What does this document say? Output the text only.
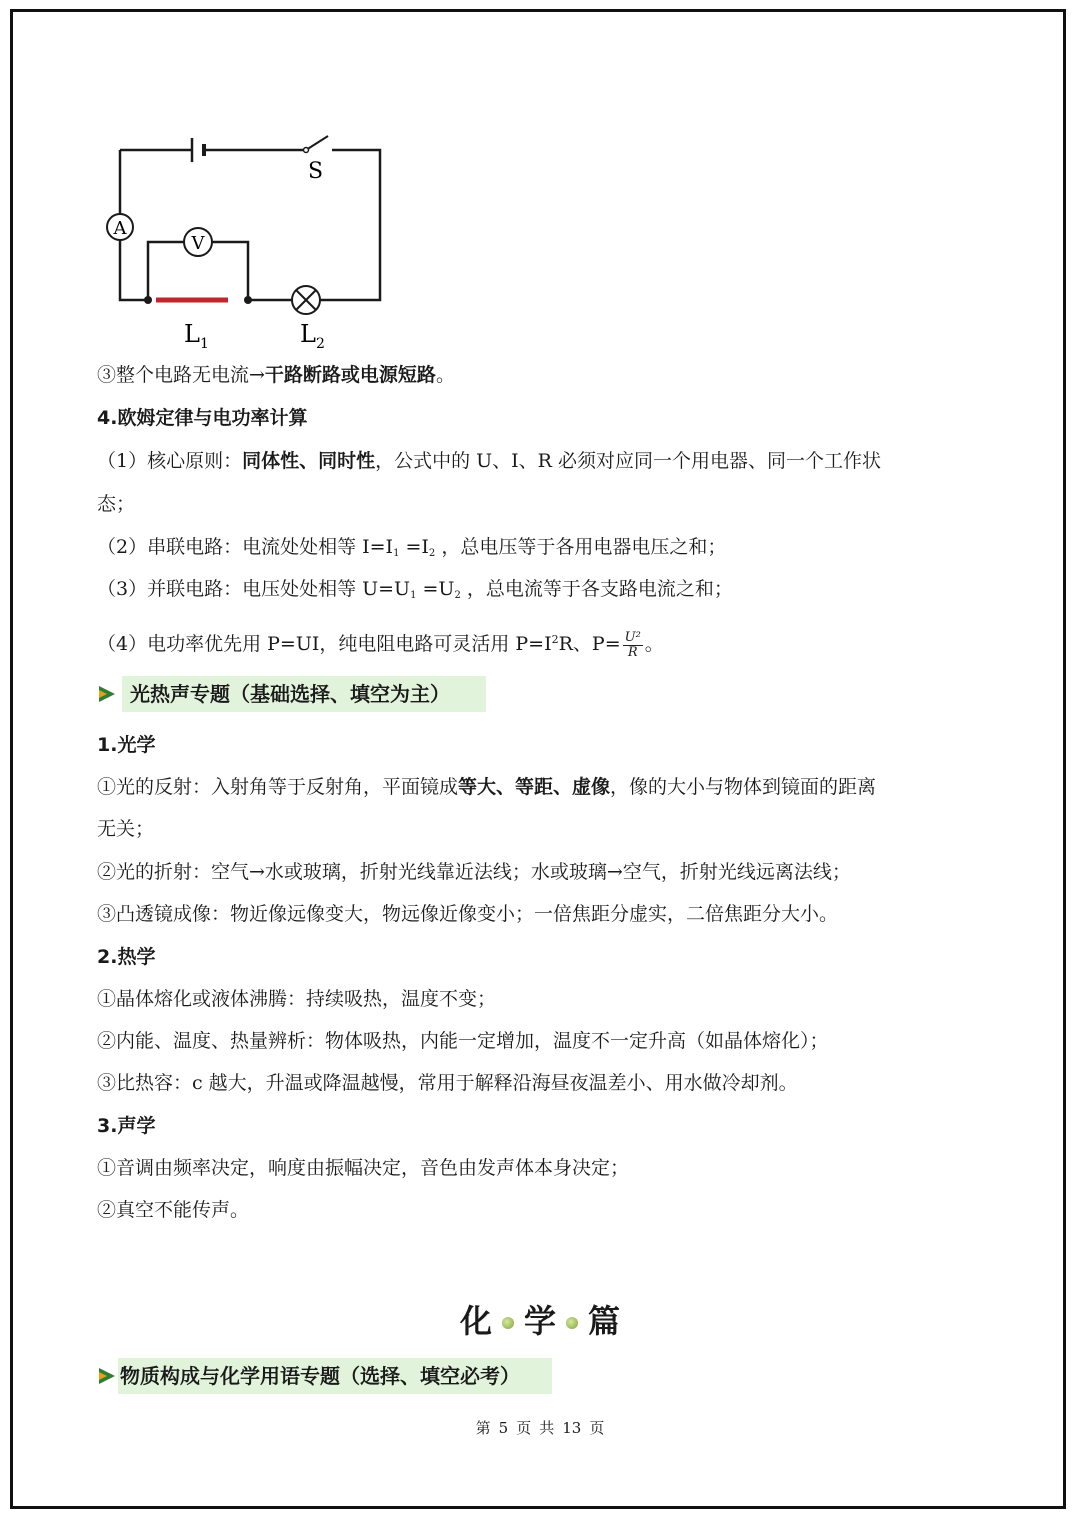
S
A
V
$L_1$	$L_2$
③整个电路无电流→干路断路或电源短路。
4.欧姆定律与电功率计算
（1）核心原则：同体性、同时性，公式中的 U、I、R 必须对应同一个用电器、同一个工作状
态；
（2）串联电路：电流处处相等 $I=I_1 =I_2$ ，总电压等于各用电器电压之和；
（3）并联电路：电压处处相等 $U=U_1 =U_2$ ，总电流等于各支路电流之和；
（4）电功率优先用 P=UI，纯电阻电路可灵活用 $P=I^2R$、$P= \frac{\text{U²}}{R}$ 。
光热声专题（基础选择、填空为主）
1.光学
①光的反射：入射角等于反射角，平面镜成等大、等距、虚像，像的大小与物体到镜面的距离
无关；
②光的折射：空气→水或玻璃，折射光线靠近法线；水或玻璃→空气，折射光线远离法线；
③凸透镜成像：物近像远像变大，物远像近像变小；一倍焦距分虚实，二倍焦距分大小。
2.热学
①晶体熔化或液体沸腾：持续吸热，温度不变；
②内能、温度、热量辨析：物体吸热，内能一定增加，温度不一定升高（如晶体熔化）；
③比热容：c 越大，升温或降温越慢，常用于解释沿海昼夜温差小、用水做冷却剂。
3.声学
①音调由频率决定，响度由振幅决定，音色由发声体本身决定；
②真空不能传声。
化 学 篇
物质构成与化学用语专题（选择、填空必考）
第 5 页 共 13 页
